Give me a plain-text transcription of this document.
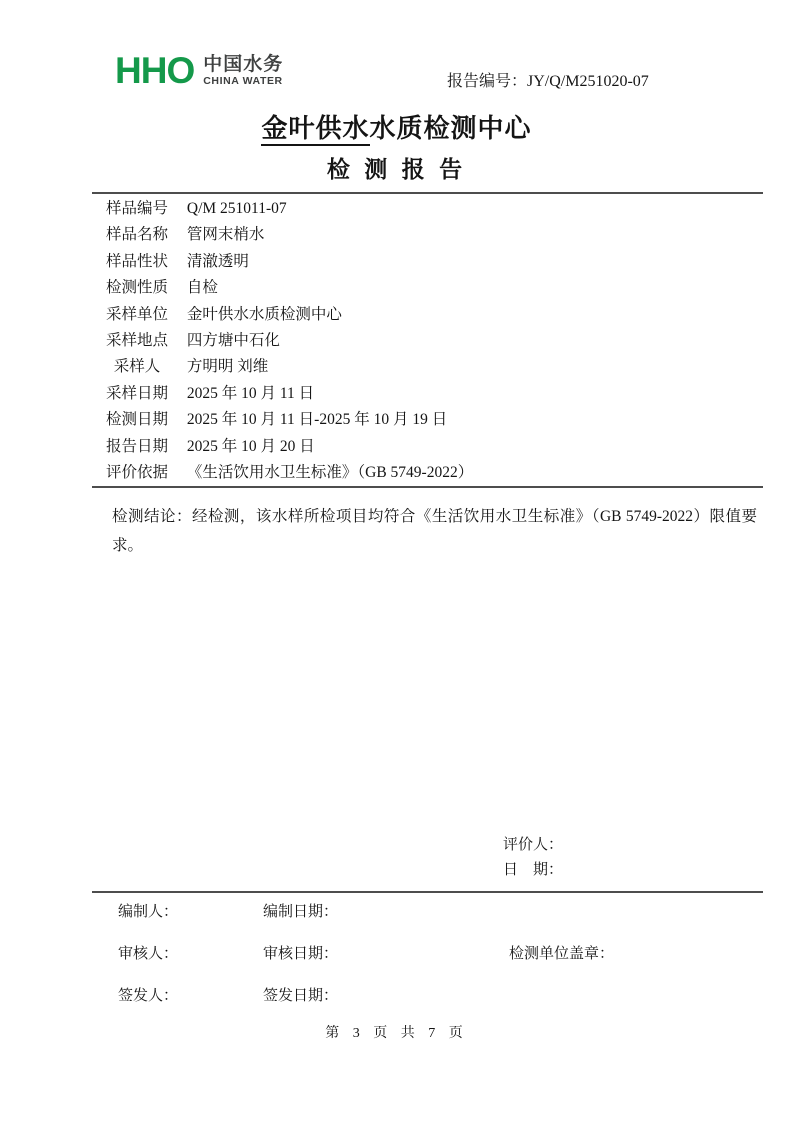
HHO 中国水务
CHINA WATER	报告编号：JY/Q/M251020-07
金叶供水水质检测中心
检 测 报 告
样品编号 Q/M 251011-07
样品名称 管网末梢水
样品性状 清澈透明
检测性质 自检
采样单位 金叶供水水质检测中心
采样地点 四方塘中石化
采样人 方明明 刘维
采样日期 2025 年 10 月 11 日
检测日期 2025 年 10 月 11 日-2025 年 10 月 19 日
报告日期 2025 年 10 月 20 日
评价依据 《生活饮用水卫生标准》（GB 5749-2022）
检测结论：经检测，该水样所检项目均符合《生活饮用水卫生标准》（GB 5749-2022）限值要求。
评价人：
日　期：
编制人：	编制日期：
审核人：	审核日期：	检测单位盖章：
签发人：	签发日期：
第 3 页 共 7 页
